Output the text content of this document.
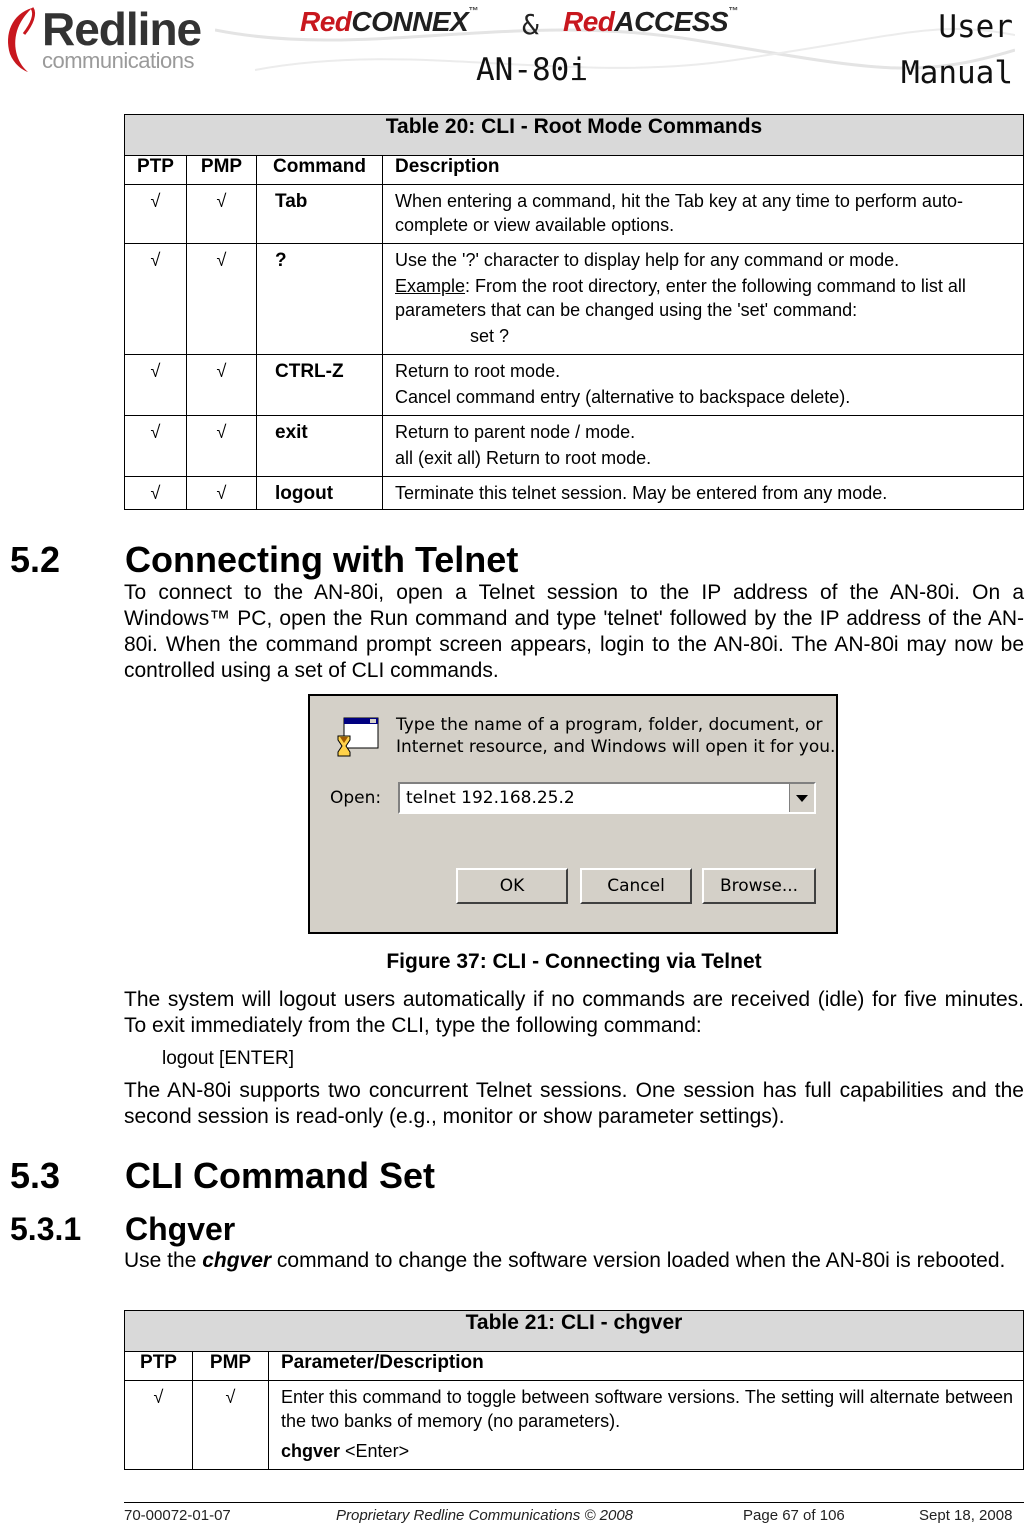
Redline
communications
RedCONNEX™ & RedACCESS™
AN-80i
User
Manual
Table 20: CLI - Root Mode Commands			
PTP	PMP	Command	Description
√	√	Tab	When entering a command, hit the Tab key at any time to perform auto-complete or view available options.

√	√	?	Use the '?' character to display help for any command or mode.

Example: From the root directory, enter the following command to list all parameters that can be changed using the 'set' command:

set ?

√	√	CTRL-Z	Return to root mode.

Cancel command entry (alternative to backspace delete).

√	√	exit	Return to parent node / mode.

all (exit all) Return to root mode.

√	√	logout	Terminate this telnet session. May be entered from any mode.
5.2 Connecting with Telnet
To connect to the AN-80i, open a Telnet session to the IP address of the AN-80i. On a Windows™ PC, open the Run command and type 'telnet' followed by the IP address of the AN-80i. When the command prompt screen appears, login to the AN-80i. The AN-80i may now be controlled using a set of CLI commands.
Type the name of a program, folder, document, or
Internet resource, and Windows will open it for you.
Open:	telnet 192.168.25.2
OK	Cancel	Browse...
Figure 37: CLI - Connecting via Telnet
The system will logout users automatically if no commands are received (idle) for five minutes. To exit immediately from the CLI, type the following command:
logout [ENTER]
The AN-80i supports two concurrent Telnet sessions. One session has full capabilities and the second session is read-only (e.g., monitor or show parameter settings).
5.3 CLI Command Set
5.3.1 Chgver
Use the chgver command to change the software version loaded when the AN-80i is rebooted.
Table 21: CLI - chgver		
PTP	PMP	Parameter/Description
√	√	Enter this command to toggle between software versions. The setting will alternate between the two banks of memory (no parameters).

chgver <Enter>

70-00072-01-07	Proprietary Redline Communications © 2008	Page 67 of 106	Sept 18, 2008
